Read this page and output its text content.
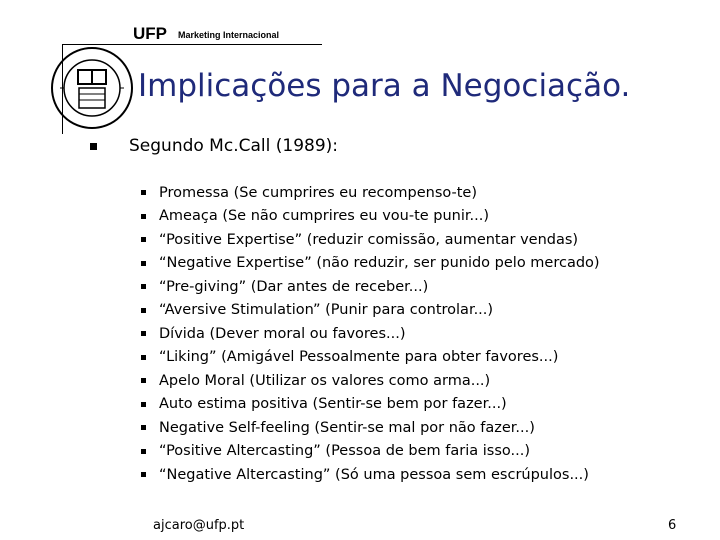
UFP Marketing Internacional
Implicações para a Negociação.
Segundo Mc.Call (1989):
Promessa (Se cumprires eu recompenso-te)
Ameaça (Se não cumprires eu vou-te punir...)
“Positive Expertise” (reduzir comissão, aumentar vendas)
“Negative Expertise” (não reduzir, ser punido pelo mercado)
“Pre-giving” (Dar antes de receber...)
“Aversive Stimulation” (Punir para controlar...)
Dívida (Dever moral ou favores...)
“Liking” (Amigável Pessoalmente para obter favores...)
Apelo Moral (Utilizar os valores como arma...)
Auto estima positiva (Sentir-se bem por fazer...)
Negative Self-feeling (Sentir-se mal por não fazer...)
“Positive Altercasting” (Pessoa de bem faria isso...)
“Negative Altercasting” (Só uma pessoa sem escrúpulos...)
ajcaro@ufp.pt	6
